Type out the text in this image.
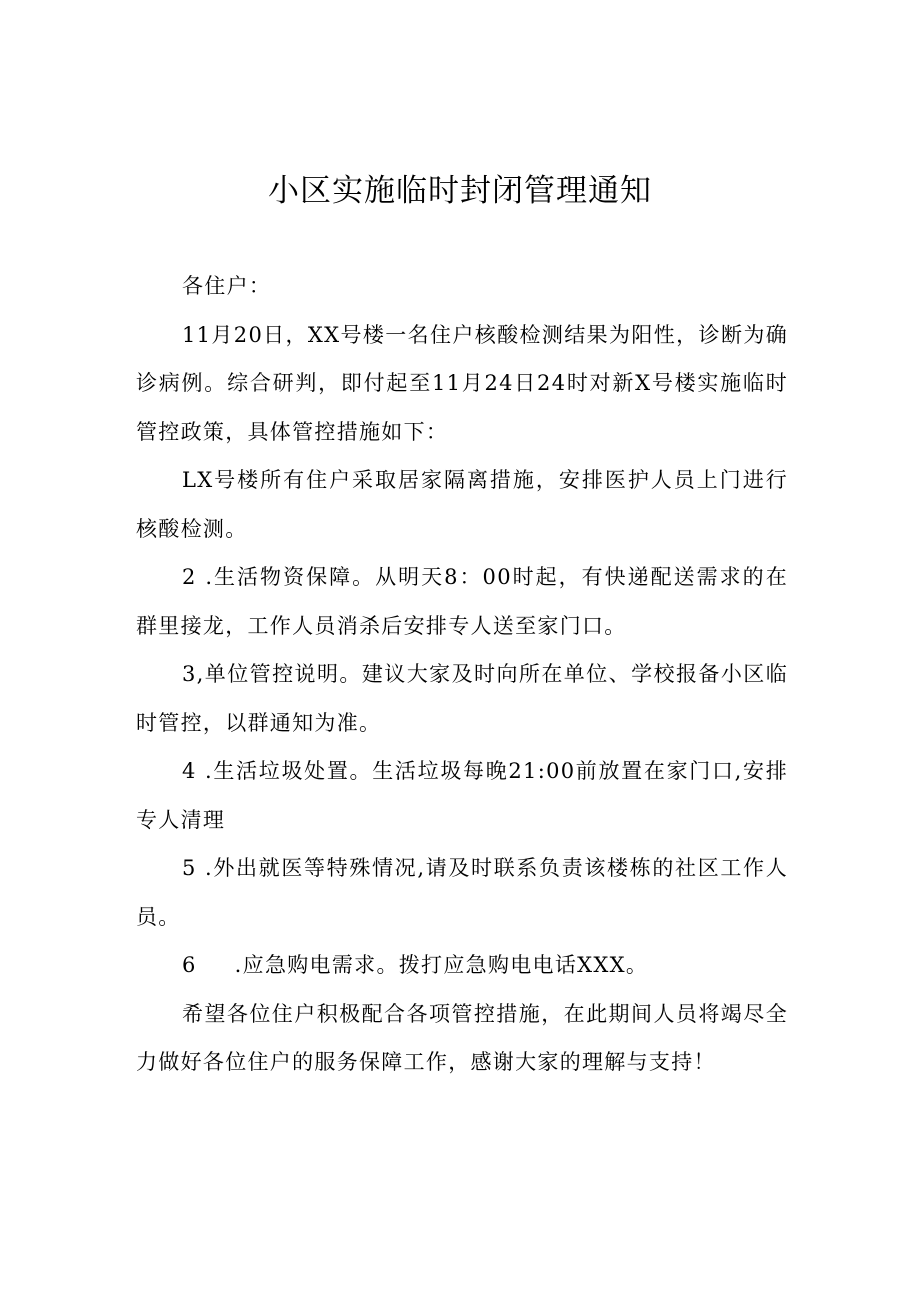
小区实施临时封闭管理通知

各住户：

11月20日，XX号楼一名住户核酸检测结果为阳性，诊断为确诊病例。综合研判，即付起至11月24日24时对新X号楼实施临时管控政策，具体管控措施如下：

LX号楼所有住户采取居家隔离措施，安排医护人员上门进行核酸检测。

2 .生活物资保障。从明天8：00时起，有快递配送需求的在群里接龙，工作人员消杀后安排专人送至家门口。

3,单位管控说明。建议大家及时向所在单位、学校报备小区临时管控，以群通知为准。

4 .生活垃圾处置。生活垃圾每晚21:00前放置在家门口,安排专人清理

5 .外出就医等特殊情况,请及时联系负责该楼栋的社区工作人员。

6 .应急购电需求。拨打应急购电电话XXX。

希望各位住户积极配合各项管控措施，在此期间人员将竭尽全力做好各位住户的服务保障工作，感谢大家的理解与支持！
